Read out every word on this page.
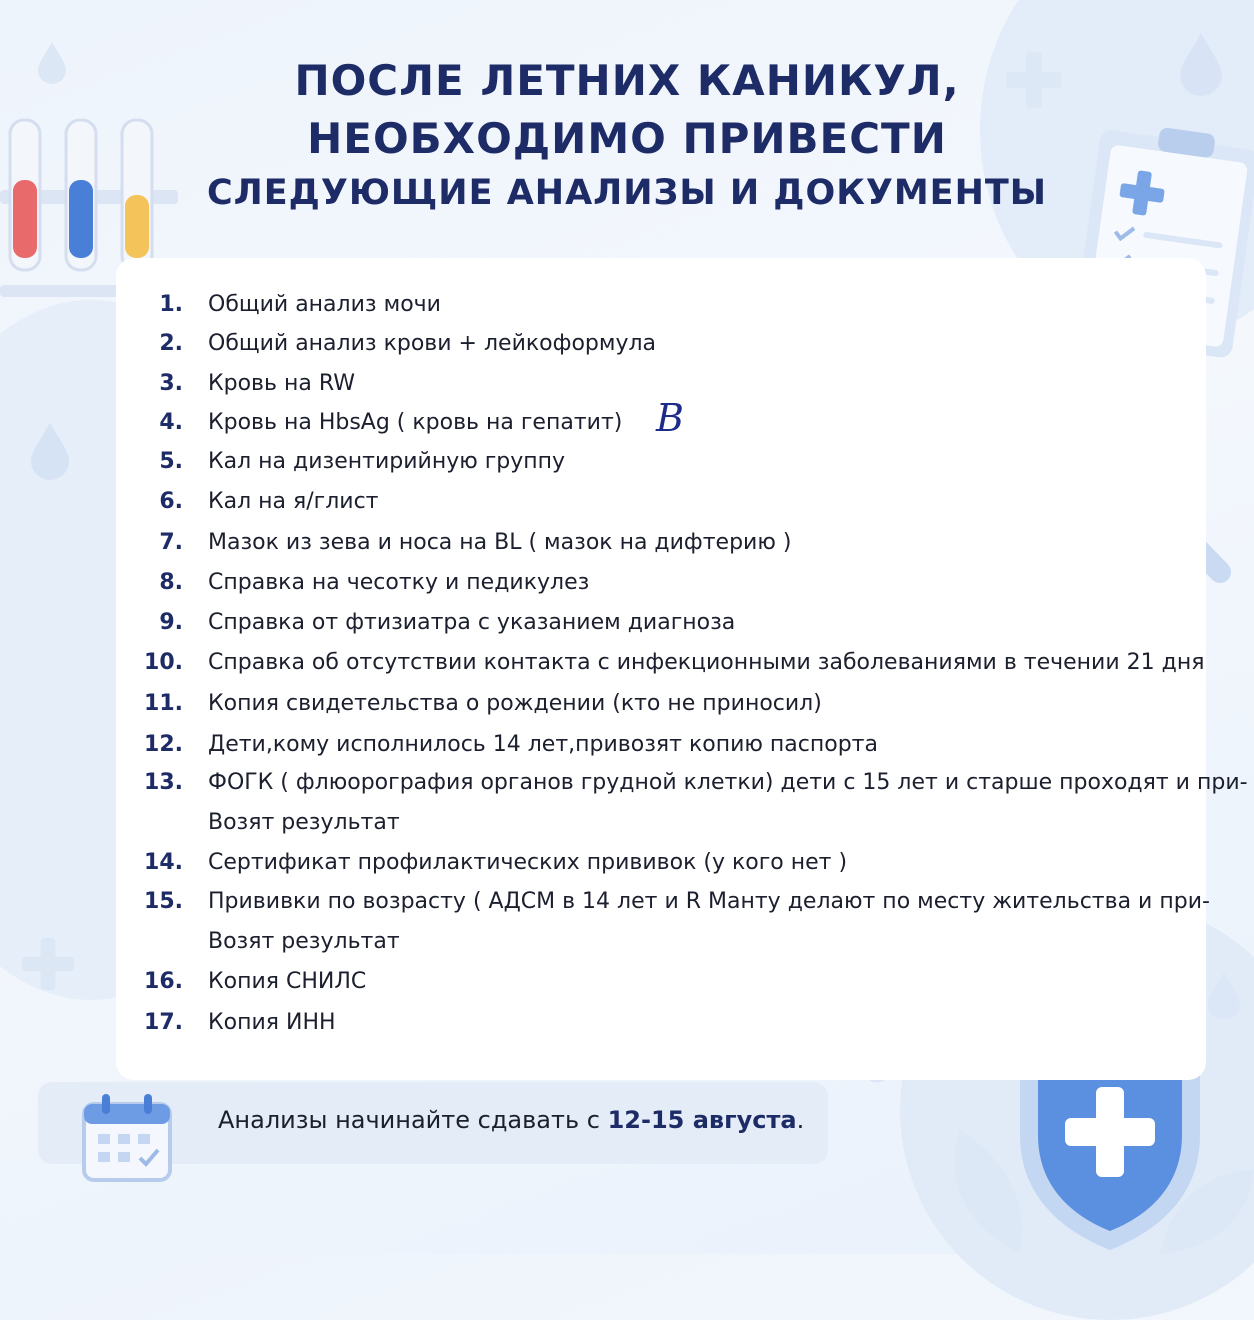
ПОСЛЕ ЛЕТНИХ КАНИКУЛ,
НЕОБХОДИМО ПРИВЕСТИ
СЛЕДУЮЩИЕ АНАЛИЗЫ И ДОКУМЕНТЫ
1. Общий анализ мочи
2. Общий анализ крови + лейкоформула
3. Кровь на RW
4. Кровь на HbsAg ( кровь на гепатит)
5. Кал на дизентирийную группу
6. Кал на я/глист
7. Мазок из зева и носа на BL ( мазок на дифтерию )
8. Справка на чесотку и педикулез
9. Справка от фтизиатра с указанием диагноза
10. Справка об отсутствии контакта с инфекционными заболеваниями в течении 21 дня
11. Копия свидетельства о рождении (кто не приносил)
12. Дети,кому исполнилось 14 лет,привозят копию паспорта
13. ФОГК ( флюорография органов грудной клетки) дети с 15 лет и старше проходят и при-
Возят результат
14. Сертификат профилактических прививок (у кого нет )
15. Прививки по возрасту ( АДСМ в 14 лет и R Манту делают по месту жительства и при-
Возят результат
16. Копия СНИЛС
17. Копия ИНН
В
Анализы начинайте сдавать с 12-15 августа.
